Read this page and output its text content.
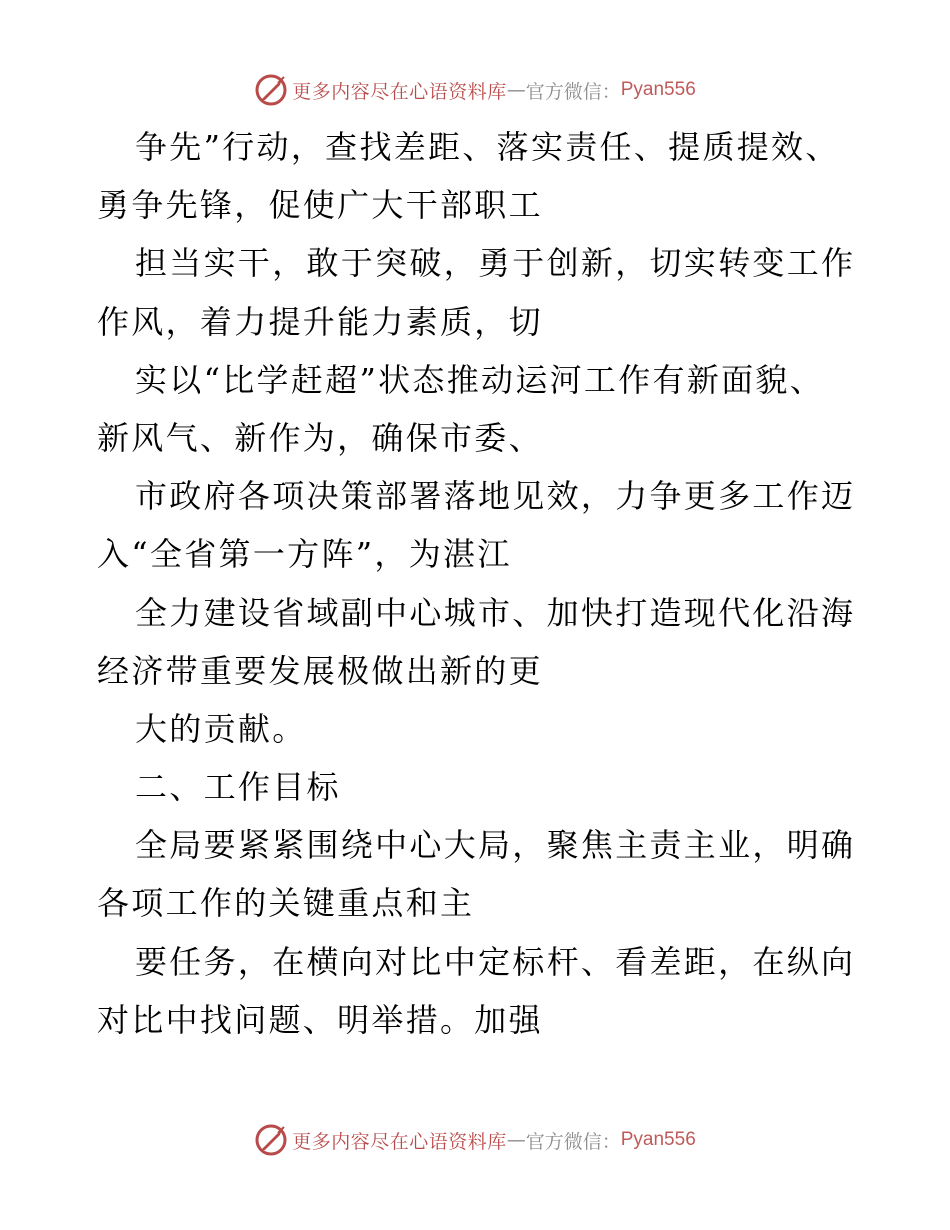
更多内容尽在心语资料库 — 官方微信： Pyan556
争先”行动，查找差距、落实责任、提质提效、
勇争先锋，促使广大干部职工
担当实干，敢于突破，勇于创新，切实转变工作
作风，着力提升能力素质，切
实以“比学赶超”状态推动运河工作有新面貌、
新风气、新作为，确保市委、
市政府各项决策部署落地见效，力争更多工作迈
入“全省第一方阵”，为湛江
全力建设省域副中心城市、加快打造现代化沿海
经济带重要发展极做出新的更
大的贡献。
二、工作目标
全局要紧紧围绕中心大局，聚焦主责主业，明确
各项工作的关键重点和主
要任务，在横向对比中定标杆、看差距，在纵向
对比中找问题、明举措。加强
更多内容尽在心语资料库 — 官方微信： Pyan556
